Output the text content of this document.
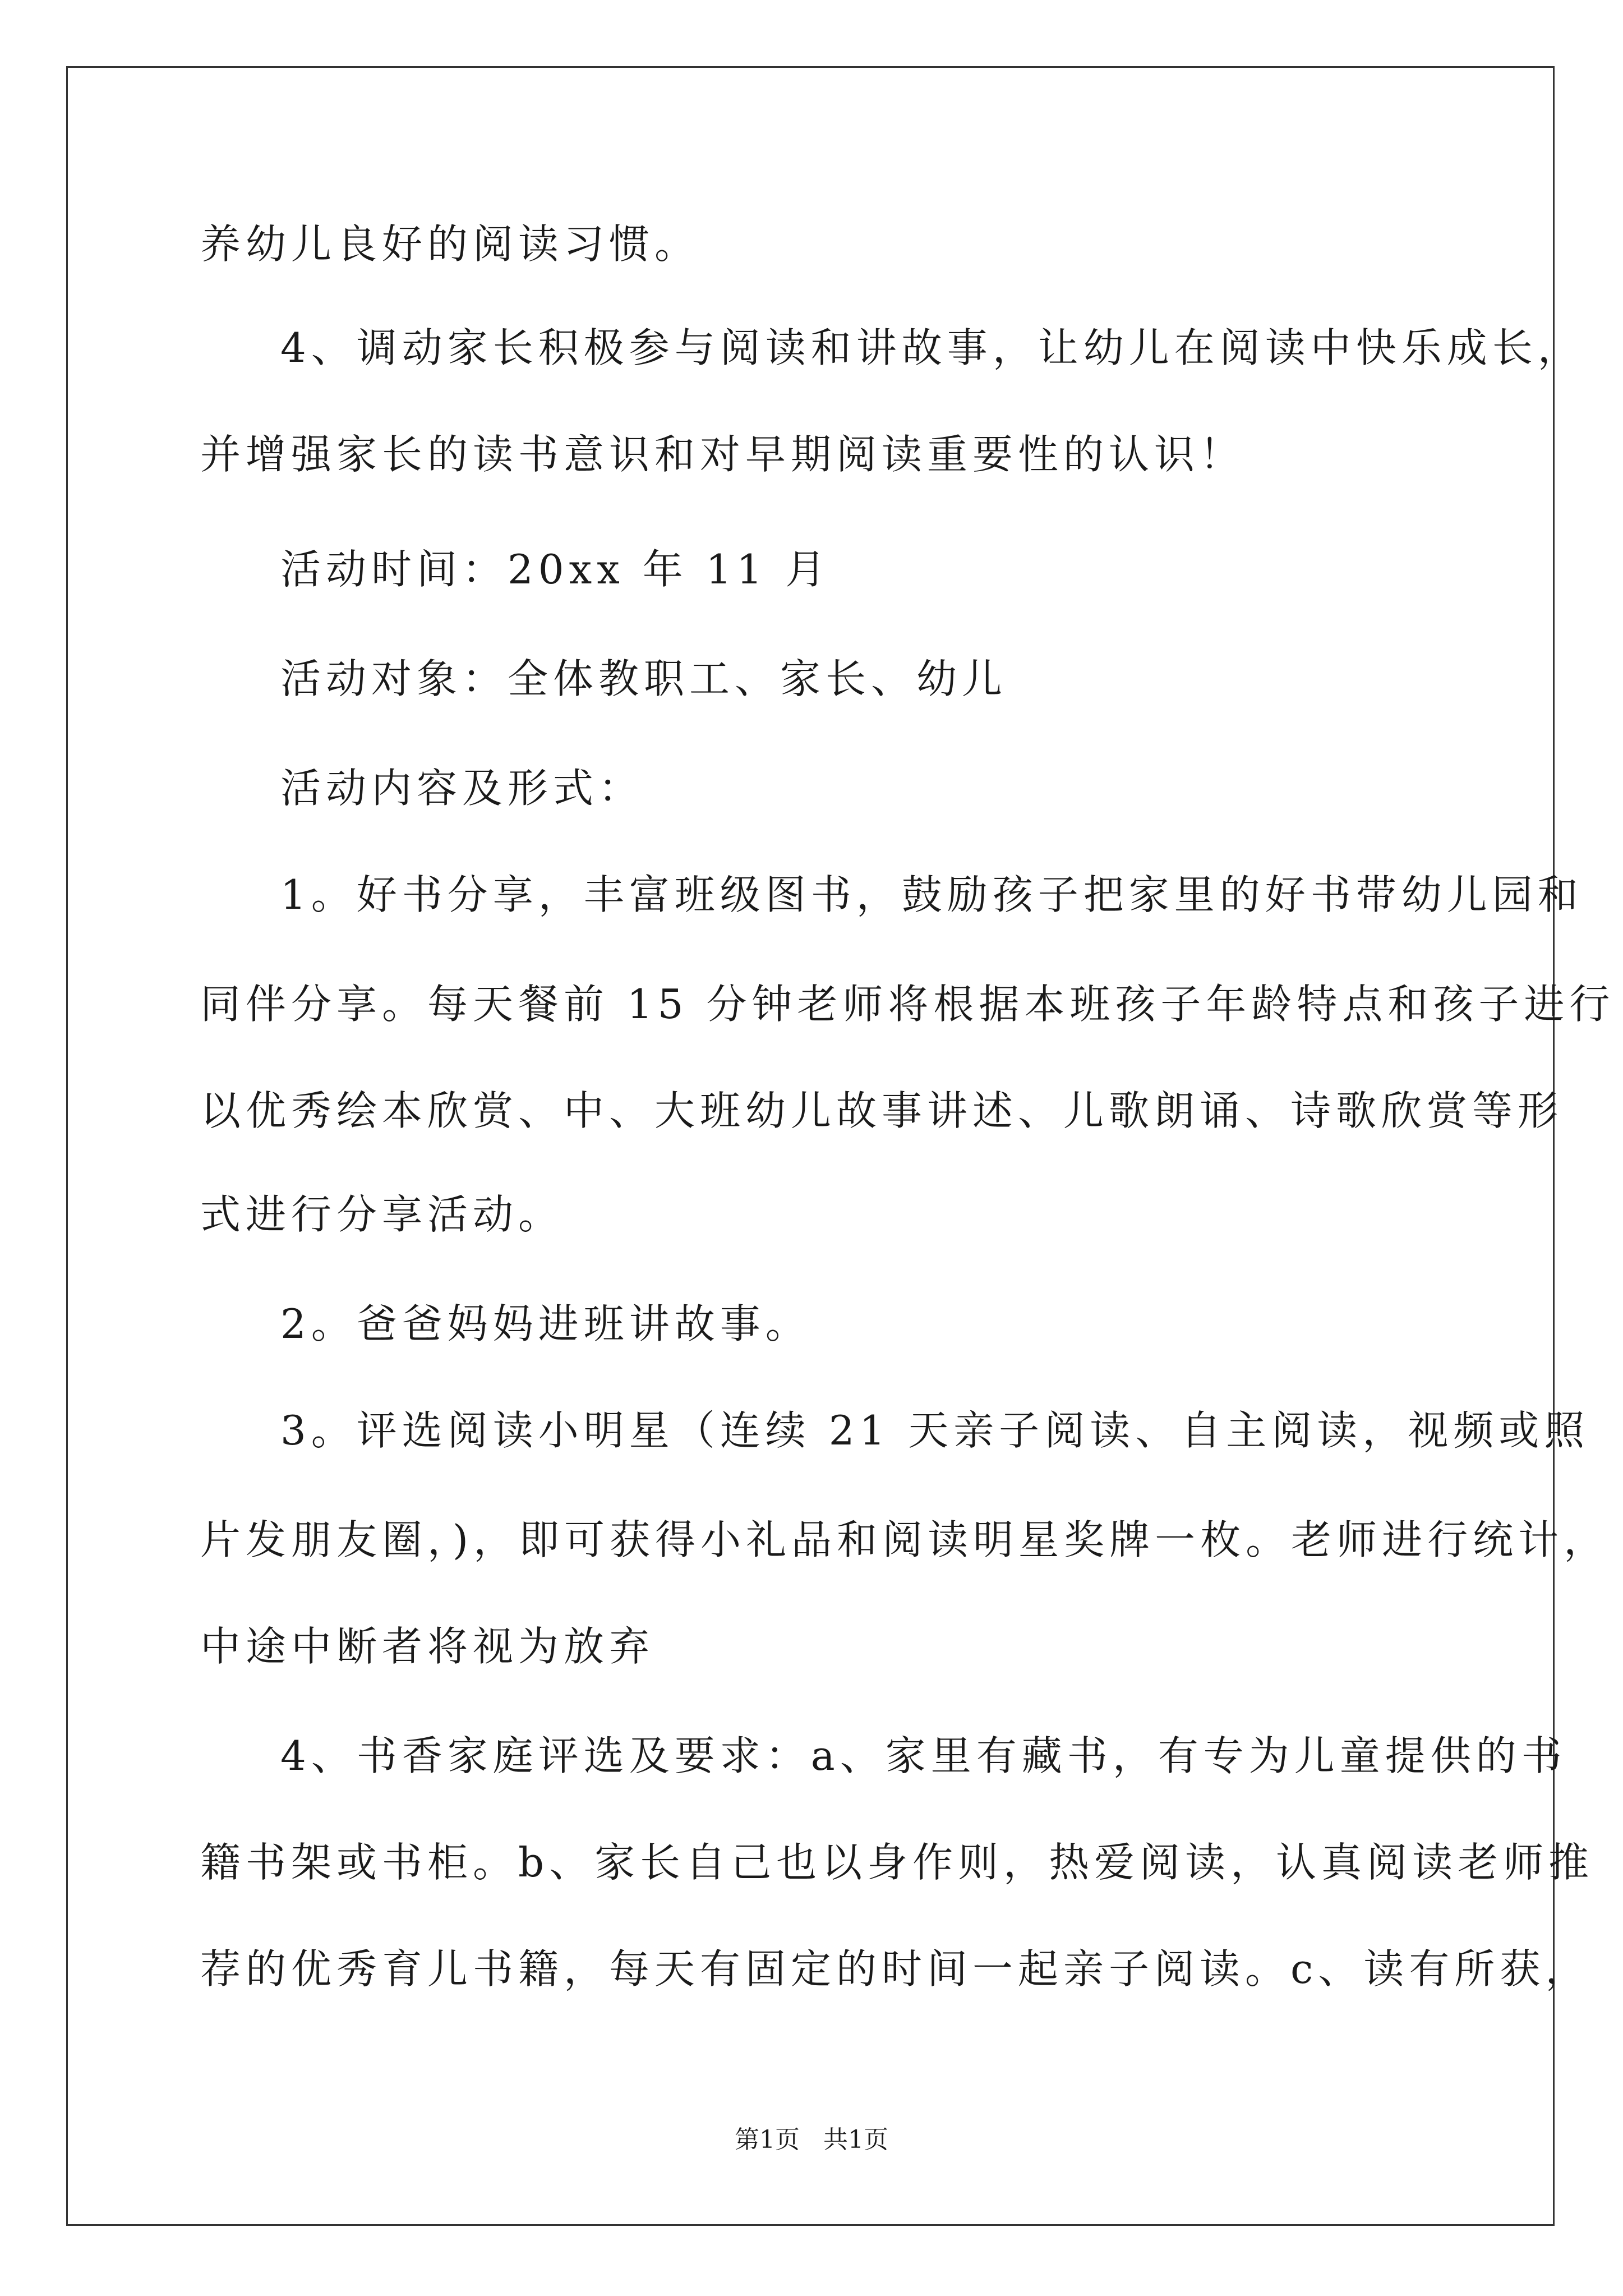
养幼儿良好的阅读习惯。

4、调动家长积极参与阅读和讲故事，让幼儿在阅读中快乐成长，

并增强家长的读书意识和对早期阅读重要性的认识！

活动时间：20xx 年 11 月

活动对象：全体教职工、家长、幼儿

活动内容及形式：

1。好书分享，丰富班级图书，鼓励孩子把家里的好书带幼儿园和

同伴分享。每天餐前 15 分钟老师将根据本班孩子年龄特点和孩子进行

以优秀绘本欣赏、中、大班幼儿故事讲述、儿歌朗诵、诗歌欣赏等形

式进行分享活动。

2。爸爸妈妈进班讲故事。

3。评选阅读小明星（连续 21 天亲子阅读、自主阅读，视频或照

片发朋友圈，)，即可获得小礼品和阅读明星奖牌一枚。老师进行统计，

中途中断者将视为放弃

4、书香家庭评选及要求：a、家里有藏书，有专为儿童提供的书

籍书架或书柜。b、家长自己也以身作则，热爱阅读，认真阅读老师推

荐的优秀育儿书籍，每天有固定的时间一起亲子阅读。c、读有所获，

第1页   共1页
